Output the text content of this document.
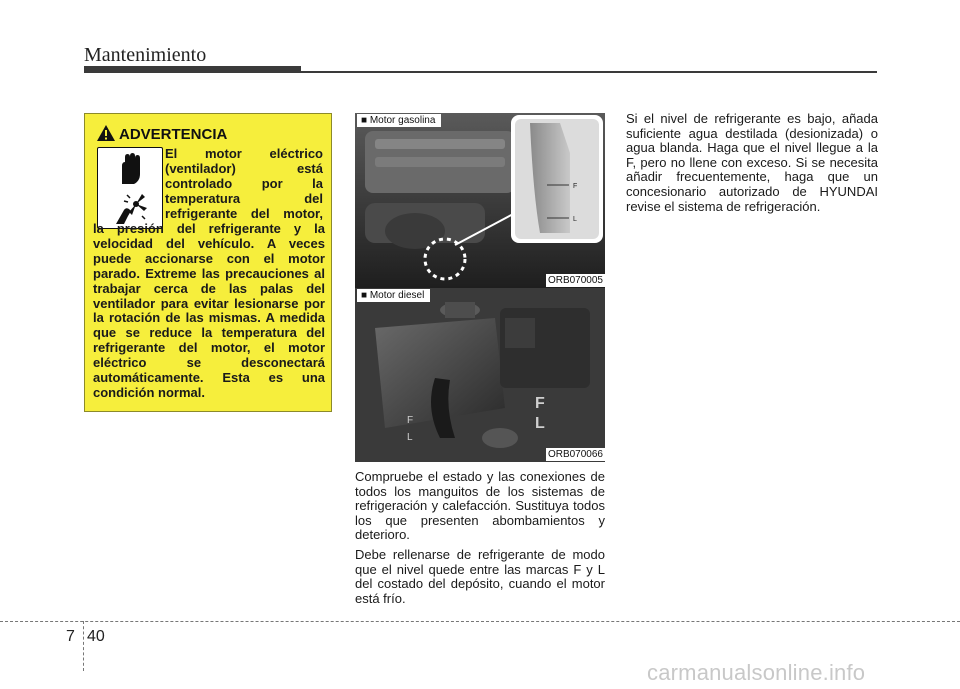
Mantenimiento
ADVERTENCIA
El motor eléctrico
(ventilador) está
controlado por la
temperatura del
refrigerante del motor,
la presión del refrigerante y la velocidad del vehículo. A veces puede accionarse con el motor parado. Extreme las precauciones al trabajar cerca de las palas del ventilador para evitar lesionarse por la rotación de las mismas. A medida que se reduce la temperatura del refrigerante del motor, el motor eléctrico se desconectará automáticamente. Esta es una condición normal.
F
L
■ Motor gasolina
ORB070005
F
L
F
L
■ Motor diesel
ORB070066

Compruebe el estado y las conexiones de todos los manguitos de los sistemas de refrigeración y calefacción. Sustituya todos los que presenten abombamientos y deterioro.

Debe rellenarse de refrigerante de modo que el nivel quede entre las marcas F y L del costado del depósito, cuando el motor está frío.

Si el nivel de refrigerante es bajo, añada suficiente agua destilada (desionizada) o agua blanda. Haga que el nivel llegue a la F, pero no llene con exceso. Si se necesita añadir frecuentemente, haga que un concesionario autorizado de HYUNDAI revise el sistema de refrigeración.

7 40
carmanualsonline.info
